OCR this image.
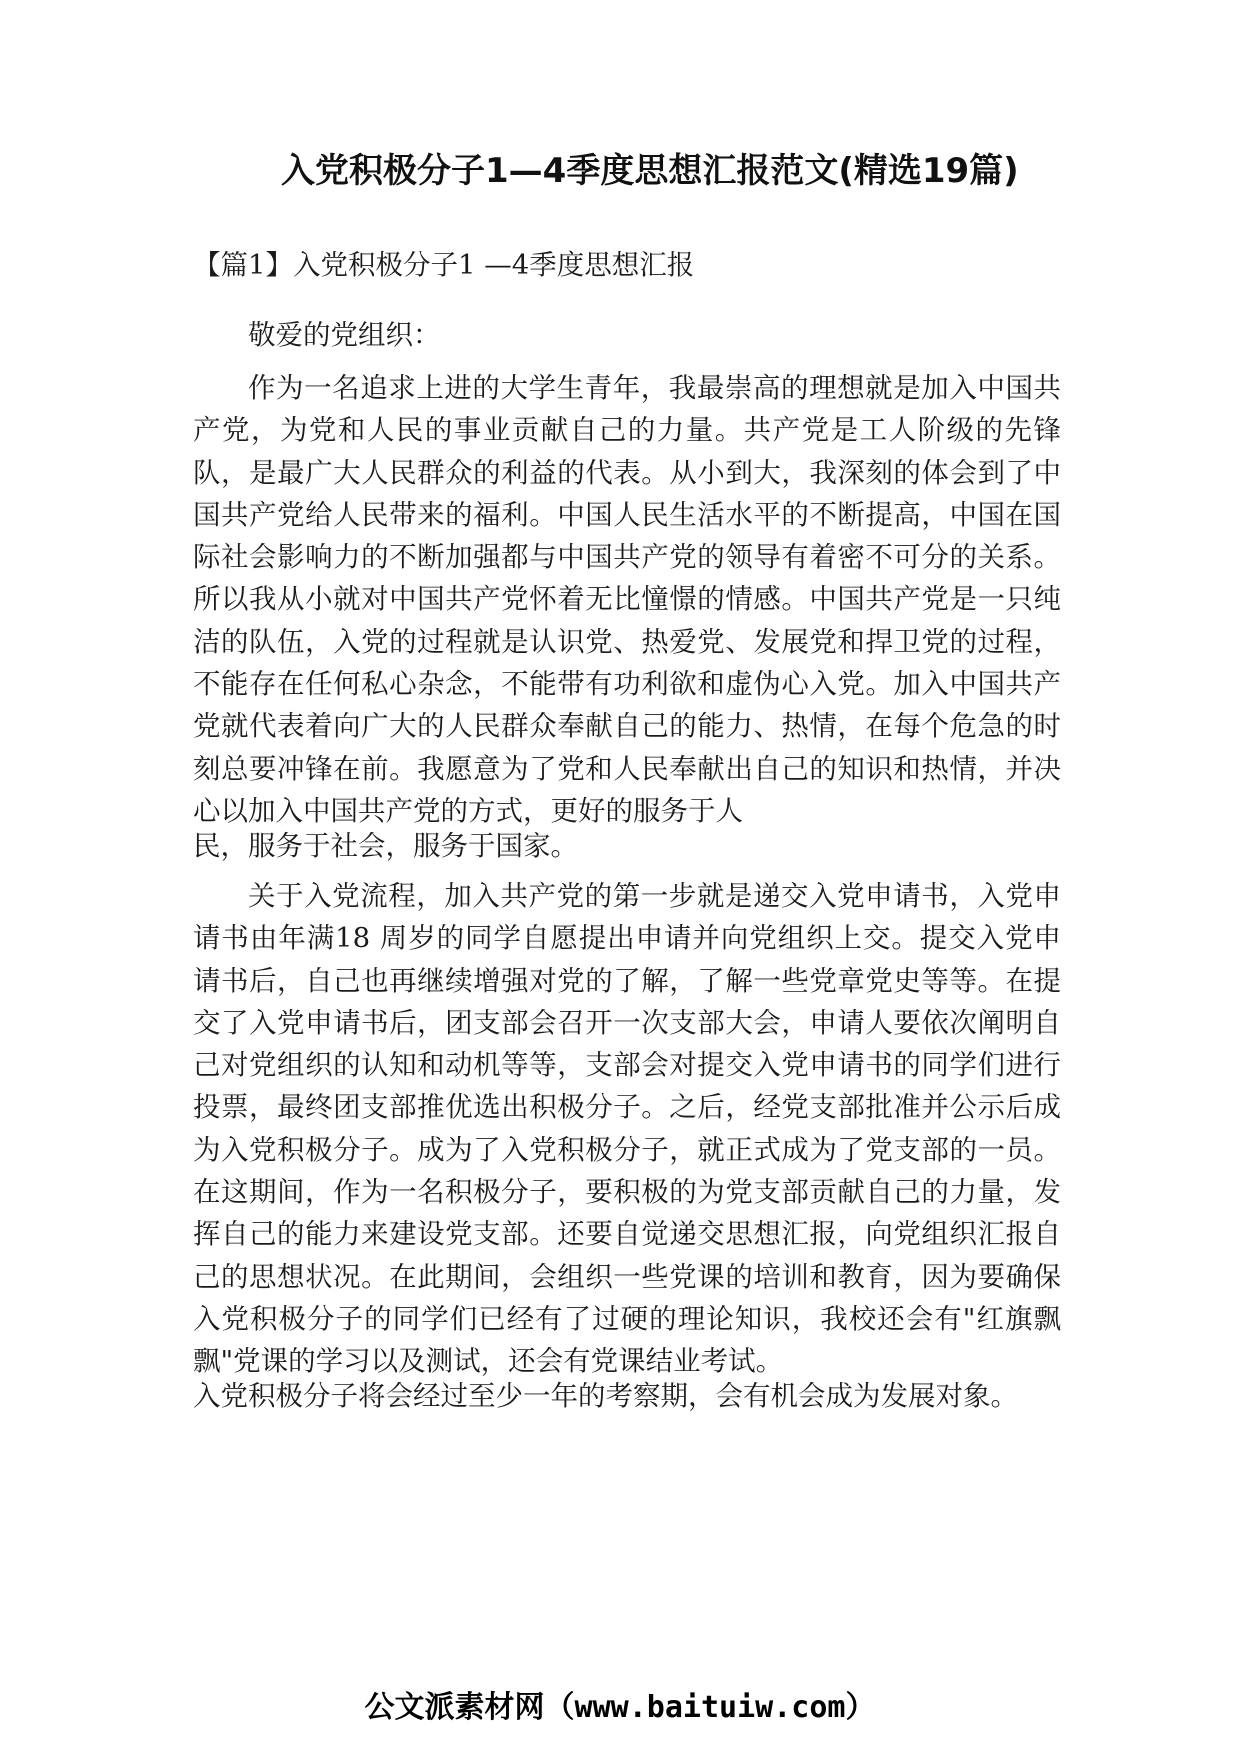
入党积极分子1—4季度思想汇报范文(精选19篇)
【篇1】入党积极分子1 —4季度思想汇报
敬爱的党组织：

作为一名追求上进的大学生青年，我最崇高的理想就是加入中国共产党，为党和人民的事业贡献自己的力量。共产党是工人阶级的先锋队，是最广大人民群众的利益的代表。从小到大，我深刻的体会到了中国共产党给人民带来的福利。中国人民生活水平的不断提高，中国在国际社会影响力的不断加强都与中国共产党的领导有着密不可分的关系。所以我从小就对中国共产党怀着无比憧憬的情感。中国共产党是一只纯洁的队伍，入党的过程就是认识党、热爱党、发展党和捍卫党的过程，不能存在任何私心杂念，不能带有功利欲和虚伪心入党。加入中国共产党就代表着向广大的人民群众奉献自己的能力、热情，在每个危急的时刻总要冲锋在前。我愿意为了党和人民奉献出自己的知识和热情，并决心以加入中国共产党的方式，更好的服务于人

民，服务于社会，服务于国家。

关于入党流程，加入共产党的第一步就是递交入党申请书，入党申请书由年满18 周岁的同学自愿提出申请并向党组织上交。提交入党申请书后，自己也再继续增强对党的了解，了解一些党章党史等等。在提交了入党申请书后，团支部会召开一次支部大会，申请人要依次阐明自己对党组织的认知和动机等等，支部会对提交入党申请书的同学们进行投票，最终团支部推优选出积极分子。之后，经党支部批准并公示后成为入党积极分子。成为了入党积极分子，就正式成为了党支部的一员。在这期间，作为一名积极分子，要积极的为党支部贡献自己的力量，发挥自己的能力来建设党支部。还要自觉递交思想汇报，向党组织汇报自己的思想状况。在此期间，会组织一些党课的培训和教育，因为要确保入党积极分子的同学们已经有了过硬的理论知识，我校还会有"红旗飘飘"党课的学习以及测试，还会有党课结业考试。

入党积极分子将会经过至少一年的考察期，会有机会成为发展对象。

公文派素材网（www.baituiw.com）
